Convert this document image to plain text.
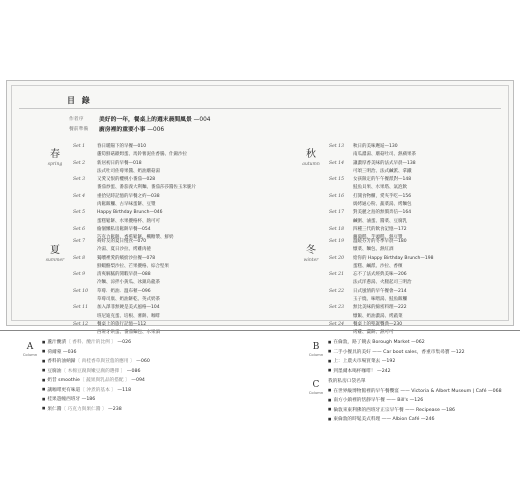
目 錄
作者序	美好的一年，餐桌上的週末晨間風景 —004
餐前準備	廚房裡的重要小事 —006
春
spring
Set 1	春日暖陽下的早餐 — 010
蘆筍鮮菇歐姆蛋、馬鈴薯泥佐香腸、什錦沙拉
Set 2	新居初日的早餐 — 018
法式吐司佐莓果醬、奶油蘑菇湯
Set 3	又愛又恨的櫻桃小番茄 — 028
番茄炒蛋、番茄義大利麵、番茄莎莎醬佐玉米脆片
Set 4	重拾兒時記憶的早餐之約 — 038
肉鬆飯糰、古早味蛋餅、豆漿
Set 5	Happy Birthday Brunch — 046
蛋糕鬆餅、水果優格杯、熱可可
Set 6	偷個懶私房鬆餅早餐 — 054
巧克力鬆餅、香蕉鬆餅、楓糖漿、鮮奶
夏
summer
Set 7	夠好友的夏日慢食 — 070
冷湯、夏日沙拉、烤雞肉捲
Set 8	獨嚼裡愛的繽紛沙拉餐 — 078
鮮蝦酪梨沙拉、芒果優格、綜合堅果
Set 9	清爽解膩的閒暇早晨 — 088
冷麵、涼拌小黃瓜、冰鎮烏龍茶
Set 10	草莓．奶油．溫布頓 — 096
草莓司康、奶油餅乾、英式奶茶
Set 11	加入澤菲無硬是美式風格 — 104
班尼迪克蛋、培根、薯餅、咖啡
Set 12	餐桌上的旅行記憶 — 112
西班牙烘蛋、番茄麵包、水果酒
秋
autumn
Set 13	秋日的美味邂逅 — 130
南瓜濃湯、蘑菇吐司、熱蘋果茶
Set 14	讓濃厚香美味的法式早晨 — 138
可頌三明治、法式鹹派、拿鐵
Set 15	女孩限定的午午餐派對 — 148
鮭魚貝果、水果塔、氣泡飲
Set 16	打開食物櫃，愛夾乎吃 — 156
焗烤通心粉、蔬菜湯、烤麵包
Set 17	對美麗之島的無價奔信 — 164
鹹粥、滷蛋、醬菜、豆腐乳
Set 18	四種三代的飲食記憶 — 172
蘿蔔糕、芋頭糕、熱豆漿
冬
winter
Set 19	溫暖芬芳的冬季早晨 — 180
燉菜、麵包、熱紅酒
Set 20	給你的 Happy Birthday Brunch — 198
蛋糕、鹹派、沙拉、香檳
Set 21	忘不了法式經典美味 — 206
法式洋蔥湯、火腿起司三明治
Set 22	日式風情的早午餐會 — 214
玉子燒、味噌湯、鮭魚飯糰
Set 23	無比美味的綿密料理 — 222
燉飯、奶油濃湯、烤蔬菜
Set 24	餐桌上的聖誕饗典 — 230
烤雞、薑餅、熱可可
A
Column
■ 蘆汁醃漬〔 香料、醃汁的比例 〕 —026
■ 荷爾蒙 —036
■ 香料的油納歸〔 肉桂香草與荳蔻的應用 〕 —060
■ 豆腐油〔 木棉豆腐與嫩豆腐的選擇 〕 —086
■ 奶昔 smoothie〔 蔬果與乳品的搭配 〕 —094
■ 讓咖啡更有味道〔 沖煮的基本 〕 —118
■ 桂果遊幢西班牙 —186
■ 果仁醬〔 巧克力與果仁醬 〕 —238
B
Column
■ 在倫敦，路了競去 Borough Market —062
■ 二手小餐具的美好 —— Car boot sales，香重市集尋寶 —122
■ 上：上農夫市場買菜去 —192
■ 到墨爾本喝杯咖啡！ —242
C
Column
我的私房口袋名單
■ 在世界級博物館裡的早午餐饗宴 —— Victoria & Albert Museum | Café —068
■ 南方小鎮裡的恬靜早午餐 —— Bill's —126
■ 倫敦來東利佛的西班牙正宗早午餐 —— Recipease —186
■ 東倫敦的時髦美式料理 —— Albion Café —246
